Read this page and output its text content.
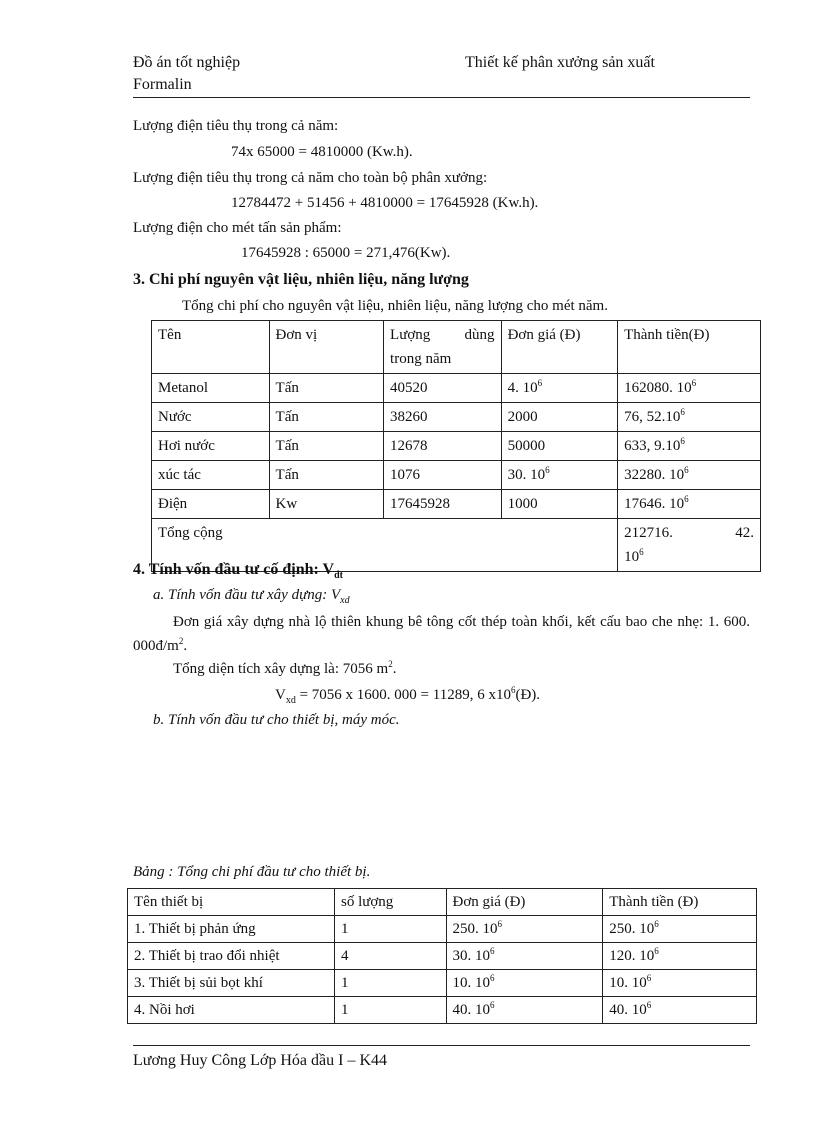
Đồ án tốt nghiệp
Formalin
Thiết kế phân xưởng sản xuất
Lượng điện tiêu thụ trong cả năm:
74x 65000 = 4810000 (Kw.h).
Lượng điện tiêu thụ trong cả năm cho toàn bộ phân xưởng:
12784472 + 51456 + 4810000 = 17645928 (Kw.h).
Lượng điện cho mét tấn sản phẩm:
17645928 : 65000 = 271,476(Kw).
3. Chi phí nguyên vật liệu, nhiên liệu, năng lượng
Tổng chi phí cho nguyên vật liệu, nhiên liệu, năng lượng cho mét năm.
Tên	Đơn vị	Lượng dùng trong năm	Đơn giá (Đ)	Thành tiền(Đ)
Metanol	Tấn	40520	4. $10^6$	162080. $10^6$
Nước	Tấn	38260	2000	76, 52.10$^6$
Hơi nước	Tấn	12678	50000	633, 9.10$^6$
xúc tác	Tấn	1076	30. $10^6$	32280. $10^6$
Điện	Kw	17645928	1000	17646. $10^6$
Tổng cộng				212716. 42.
$10^6$
4. Tính vốn đầu tư cố định: $V_{dt}$
a. Tính vốn đầu tư xây dựng: $V_{xd}$
Đơn giá xây dựng nhà lộ thiên khung bê tông cốt thép toàn khối, kết cấu bao che nhẹ: 1. 600. $000đ/m^2$.
Tổng diện tích xây dựng là: 7056 $m^2$.
$V_{xd} = 7056$ x 1600. 000 = 11289, 6 $x10^6(Đ)$.
b. Tính vốn đầu tư cho thiết bị, máy móc.
Bảng : Tổng chi phí đầu tư cho thiết bị.
Tên thiết bị	số lượng	Đơn giá (Đ)	Thành tiền (Đ)
1. Thiết bị phản ứng	1	250. $10^6$	250. $10^6$
2. Thiết bị trao đổi nhiệt	4	30. $10^6$	120. $10^6$
3. Thiết bị sủi bọt khí	1	10. $10^6$	10. $10^6$
4. Nồi hơi	1	40. $10^6$	40. $10^6$
Lương Huy Công Lớp Hóa dầu I – K44
